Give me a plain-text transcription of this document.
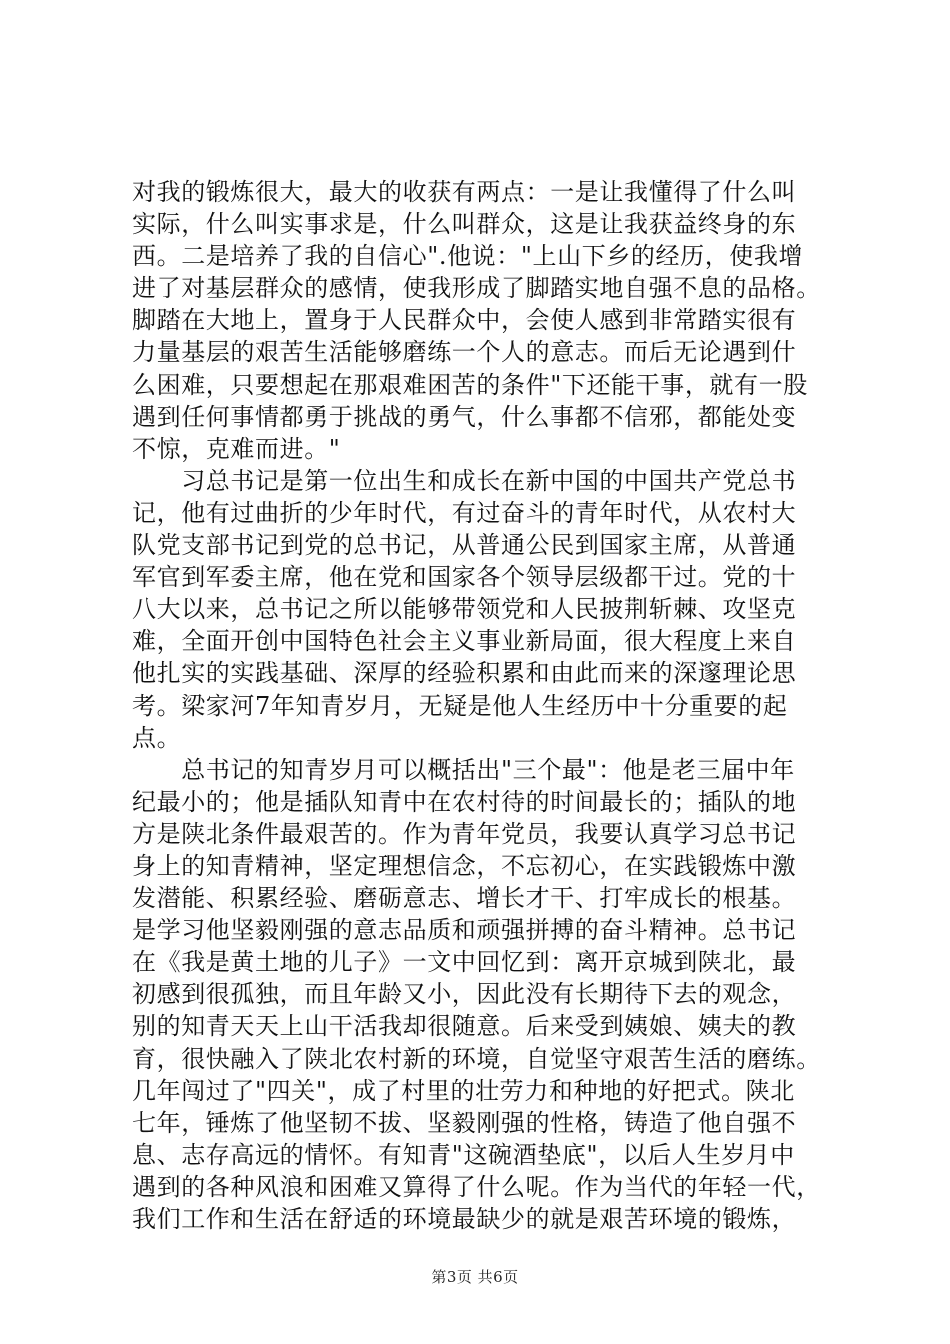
对我的锻炼很大，最大的收获有两点：一是让我懂得了什么叫
实际，什么叫实事求是，什么叫群众，这是让我获益终身的东
西。二是培养了我的自信心".他说："上山下乡的经历，使我增
进了对基层群众的感情，使我形成了脚踏实地自强不息的品格。
脚踏在大地上，置身于人民群众中，会使人感到非常踏实很有
力量基层的艰苦生活能够磨练一个人的意志。而后无论遇到什
么困难，只要想起在那艰难困苦的条件"下还能干事，就有一股
遇到任何事情都勇于挑战的勇气，什么事都不信邪，都能处变
不惊，克难而进。"
　　习总书记是第一位出生和成长在新中国的中国共产党总书
记，他有过曲折的少年时代，有过奋斗的青年时代，从农村大
队党支部书记到党的总书记，从普通公民到国家主席，从普通
军官到军委主席，他在党和国家各个领导层级都干过。党的十
八大以来，总书记之所以能够带领党和人民披荆斩棘、攻坚克
难，全面开创中国特色社会主义事业新局面，很大程度上来自
他扎实的实践基础、深厚的经验积累和由此而来的深邃理论思
考。梁家河7年知青岁月，无疑是他人生经历中十分重要的起
点。
　　总书记的知青岁月可以概括出"三个最"：他是老三届中年
纪最小的；他是插队知青中在农村待的时间最长的；插队的地
方是陕北条件最艰苦的。作为青年党员，我要认真学习总书记
身上的知青精神，坚定理想信念，不忘初心，在实践锻炼中激
发潜能、积累经验、磨砺意志、增长才干、打牢成长的根基。
是学习他坚毅刚强的意志品质和顽强拼搏的奋斗精神。总书记
在《我是黄土地的儿子》一文中回忆到：离开京城到陕北，最
初感到很孤独，而且年龄又小，因此没有长期待下去的观念，
别的知青天天上山干活我却很随意。后来受到姨娘、姨夫的教
育，很快融入了陕北农村新的环境，自觉坚守艰苦生活的磨练。
几年闯过了"四关"，成了村里的壮劳力和种地的好把式。陕北
七年，锤炼了他坚韧不拔、坚毅刚强的性格，铸造了他自强不
息、志存高远的情怀。有知青"这碗酒垫底"，以后人生岁月中
遇到的各种风浪和困难又算得了什么呢。作为当代的年轻一代，
我们工作和生活在舒适的环境最缺少的就是艰苦环境的锻炼，
第3页 共6页
